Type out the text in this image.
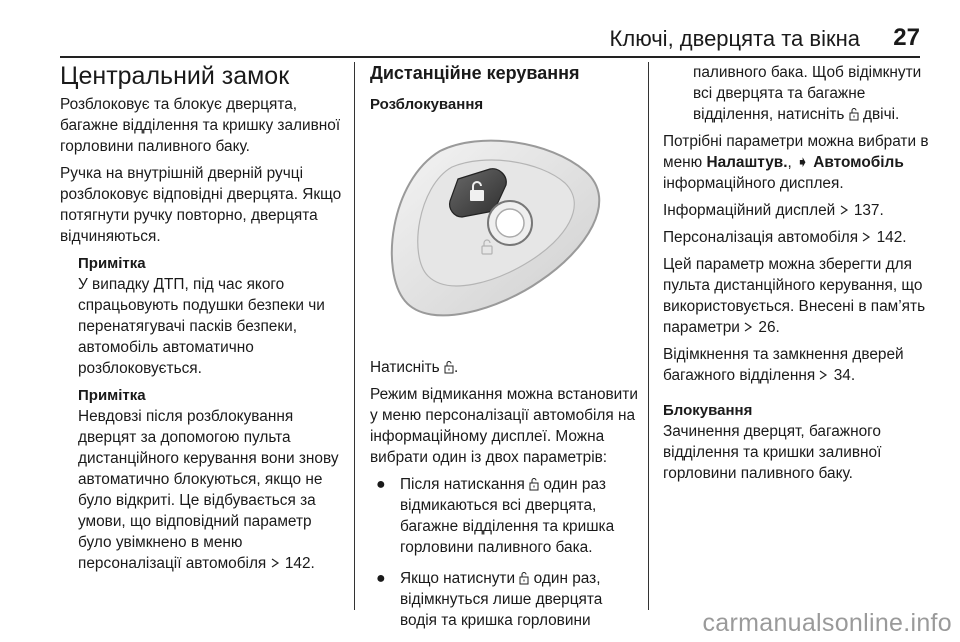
Ключі, дверцята та вікна 27
Центральний замок

Розблоковує та блокує дверцята, багажне відділення та кришку заливної горловини паливного баку.

Ручка на внутрішній дверній ручці розблоковує відповідні дверцята. Якщо потягнути ручку повторно, дверцята відчиняються.

Примітка

У випадку ДТП, під час якого спрацьовують подушки безпеки чи перенатягувачі пасків безпеки, автомобіль автоматично розблоковується.

Примітка

Невдовзі після розблокування дверцят за допомогою пульта дистанційного керування вони знову автоматично блокуються, якщо не було відкриті. Це відбувається за умови, що відповідний параметр було увімкнено в меню персоналізації автомобіля 142.

Дистанційне керування
Розблокування

Натисніть .

Режим відмикання можна встановити у меню персоналізації автомобіля на інформаційному дисплеї. Можна вибрати один із двох параметрів:

● Після натискання один раз відмикаються всі дверцята, багажне відділення та кришка горловини паливного бака.
● Якщо натиснути один раз, відімкнуться лише дверцята водія та кришка горловини

паливного бака. Щоб відімкнути всі дверцята та багажне відділення, натисніть двічі.

Потрібні параметри можна вибрати в меню Налаштув., ➧ Автомобіль інформаційного дисплея.

Інформаційний дисплей 137.

Персоналізація автомобіля 142.

Цей параметр можна зберегти для пульта дистанційного керування, що використовується. Внесені в пам’ять параметри 26.

Відімкнення та замкнення дверей багажного відділення 34.

Блокування

Зачинення дверцят, багажного відділення та кришки заливної горловини паливного баку.

carmanualsonline.info
